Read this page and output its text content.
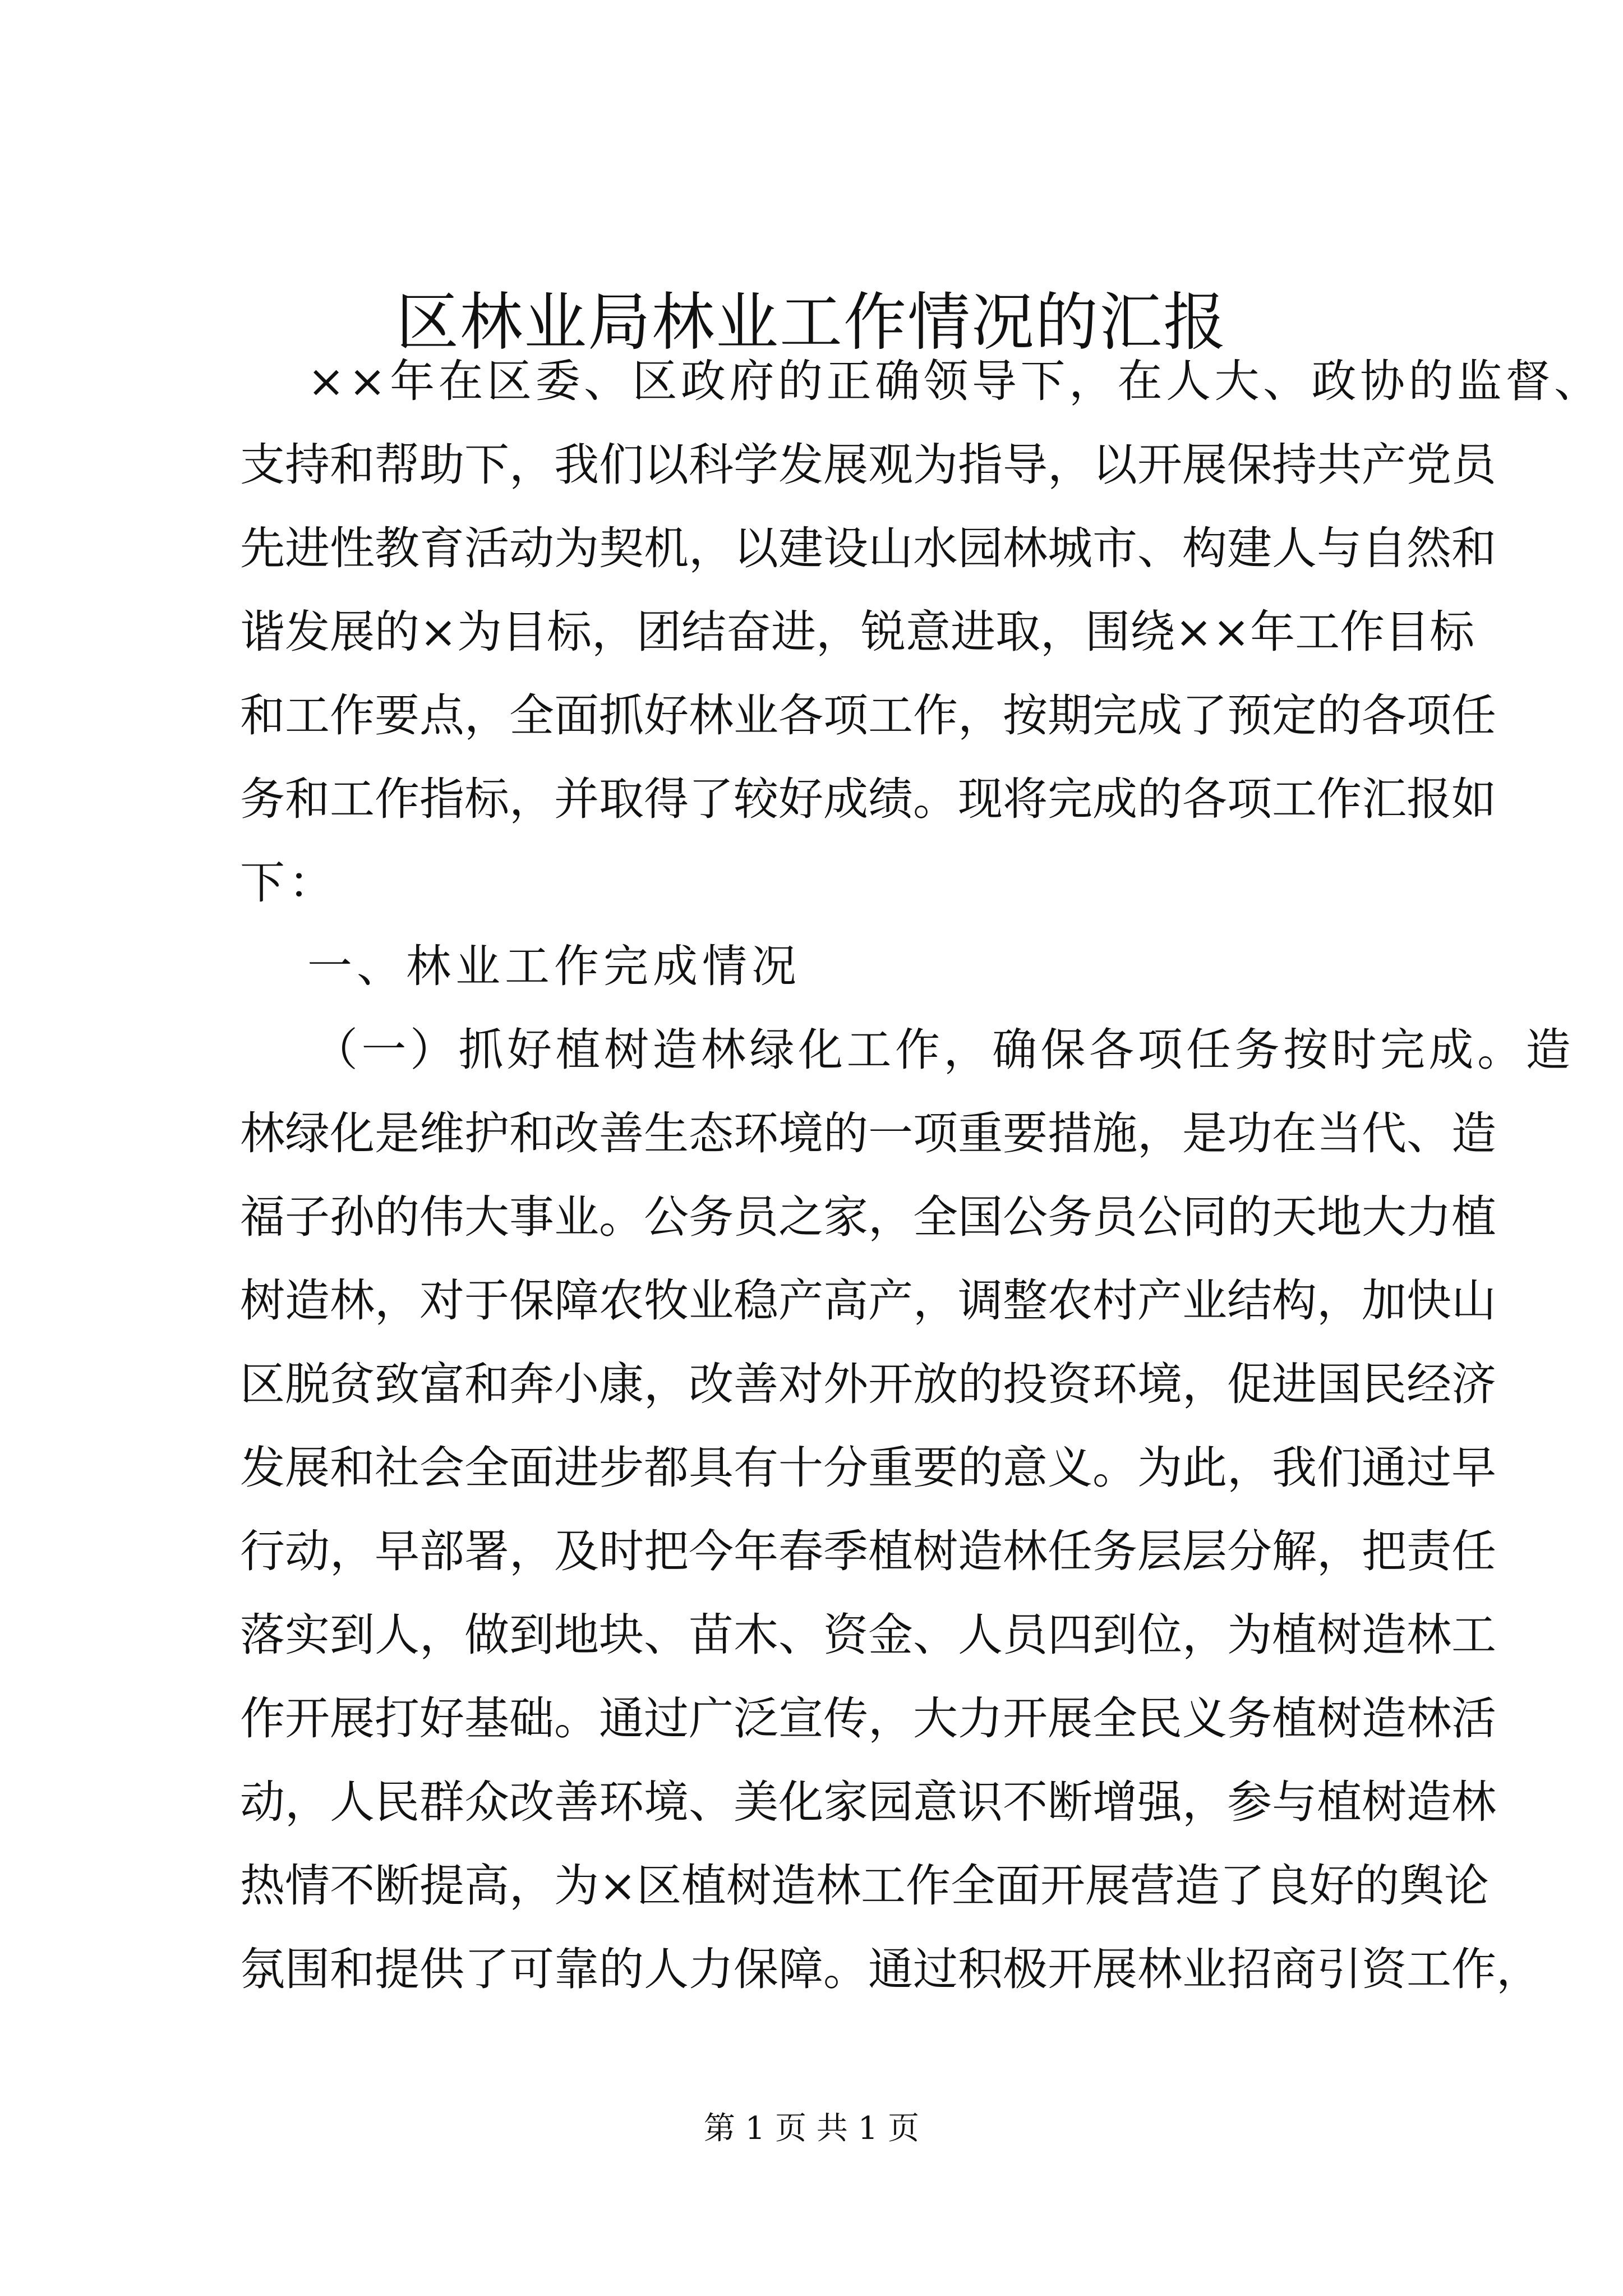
区林业局林业工作情况的汇报
××年在区委、区政府的正确领导下，在人大、政协的监督、
支持和帮助下，我们以科学发展观为指导，以开展保持共产党员
先进性教育活动为契机，以建设山水园林城市、构建人与自然和
谐发展的×为目标，团结奋进，锐意进取，围绕××年工作目标
和工作要点，全面抓好林业各项工作，按期完成了预定的各项任
务和工作指标，并取得了较好成绩。现将完成的各项工作汇报如
下：
一、林业工作完成情况
（一）抓好植树造林绿化工作，确保各项任务按时完成。造
林绿化是维护和改善生态环境的一项重要措施，是功在当代、造
福子孙的伟大事业。公务员之家，全国公务员公同的天地大力植
树造林，对于保障农牧业稳产高产，调整农村产业结构，加快山
区脱贫致富和奔小康，改善对外开放的投资环境，促进国民经济
发展和社会全面进步都具有十分重要的意义。为此，我们通过早
行动，早部署，及时把今年春季植树造林任务层层分解，把责任
落实到人，做到地块、苗木、资金、人员四到位，为植树造林工
作开展打好基础。通过广泛宣传，大力开展全民义务植树造林活
动，人民群众改善环境、美化家园意识不断增强，参与植树造林
热情不断提高，为×区植树造林工作全面开展营造了良好的舆论
氛围和提供了可靠的人力保障。通过积极开展林业招商引资工作，
第 1 页 共 1 页
